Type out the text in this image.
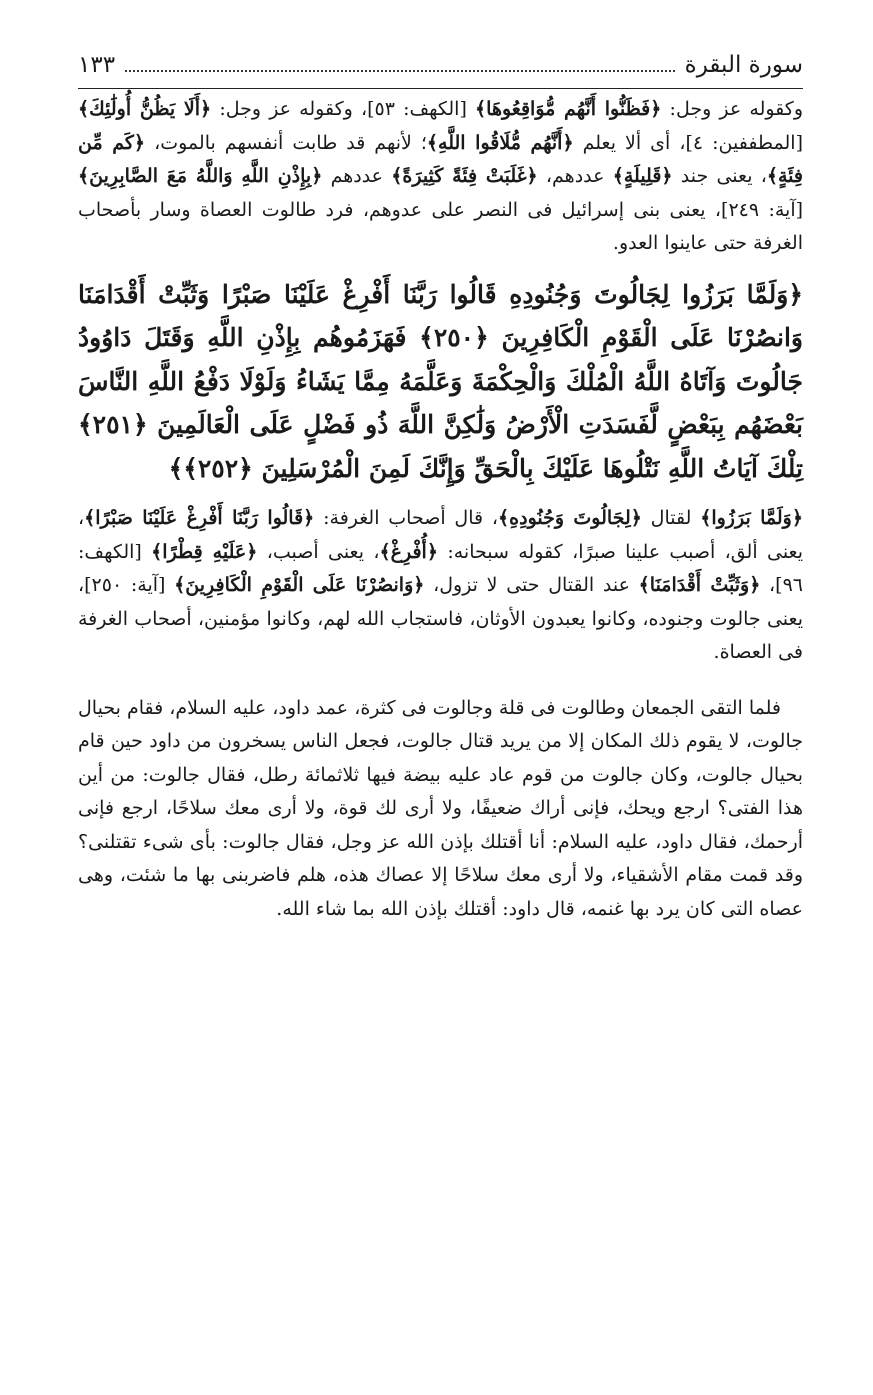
سورة البقرة
١٣٣

وكقوله عز وجل: ﴿فَظَنُّوا أَنَّهُم مُّوَاقِعُوهَا﴾ [الكهف: ٥٣]، وكقوله عز وجل: ﴿أَلَا يَظُنُّ أُولَٰئِكَ﴾ [المطففين: ٤]، أى ألا يعلم ﴿أَنَّهُم مُّلَاقُوا اللَّهِ﴾؛ لأنهم قد طابت أنفسهم بالموت، ﴿كَم مِّن فِئَةٍ﴾، يعنى جند ﴿قَلِيلَةٍ﴾ عددهم، ﴿غَلَبَتْ فِئَةً كَثِيرَةً﴾ عددهم ﴿بِإِذْنِ اللَّهِ وَاللَّهُ مَعَ الصَّابِرِينَ﴾ [آية: ٢٤٩]، يعنى بنى إسرائيل فى النصر على عدوهم، فرد طالوت العصاة وسار بأصحاب الغرفة حتى عاينوا العدو.

﴿وَلَمَّا بَرَزُوا لِجَالُوتَ وَجُنُودِهِ قَالُوا رَبَّنَا أَفْرِغْ عَلَيْنَا صَبْرًا وَثَبِّتْ أَقْدَامَنَا وَانصُرْنَا عَلَى الْقَوْمِ الْكَافِرِينَ ﴿٢٥٠﴾ فَهَزَمُوهُم بِإِذْنِ اللَّهِ وَقَتَلَ دَاوُودُ جَالُوتَ وَآتَاهُ اللَّهُ الْمُلْكَ وَالْحِكْمَةَ وَعَلَّمَهُ مِمَّا يَشَاءُ وَلَوْلَا دَفْعُ اللَّهِ النَّاسَ بَعْضَهُم بِبَعْضٍ لَّفَسَدَتِ الْأَرْضُ وَلَٰكِنَّ اللَّهَ ذُو فَضْلٍ عَلَى الْعَالَمِينَ ﴿٢٥١﴾ تِلْكَ آيَاتُ اللَّهِ نَتْلُوهَا عَلَيْكَ بِالْحَقِّ وَإِنَّكَ لَمِنَ الْمُرْسَلِينَ ﴿٢٥٢﴾﴾

﴿وَلَمَّا بَرَزُوا﴾ لقتال ﴿لِجَالُوتَ وَجُنُودِهِ﴾، قال أصحاب الغرفة: ﴿قَالُوا رَبَّنَا أَفْرِغْ عَلَيْنَا صَبْرًا﴾، يعنى ألق، أصبب علينا صبرًا، كقوله سبحانه: ﴿أُفْرِغْ﴾، يعنى أصبب، ﴿عَلَيْهِ قِطْرًا﴾ [الكهف: ٩٦]، ﴿وَثَبِّتْ أَقْدَامَنَا﴾ عند القتال حتى لا تزول، ﴿وَانصُرْنَا عَلَى الْقَوْمِ الْكَافِرِينَ﴾ [آية: ٢٥٠]، يعنى جالوت وجنوده، وكانوا يعبدون الأوثان، فاستجاب الله لهم، وكانوا مؤمنين، أصحاب الغرفة فى العصاة.

فلما التقى الجمعان وطالوت فى قلة وجالوت فى كثرة، عمد داود، عليه السلام، فقام بحيال جالوت، لا يقوم ذلك المكان إلا من يريد قتال جالوت، فجعل الناس يسخرون من داود حين قام بحيال جالوت، وكان جالوت من قوم عاد عليه بيضة فيها ثلاثمائة رطل، فقال جالوت: من أين هذا الفتى؟ ارجع ويحك، فإنى أراك ضعيفًا، ولا أرى لك قوة، ولا أرى معك سلاحًا، ارجع فإنى أرحمك، فقال داود، عليه السلام: أنا أقتلك بإذن الله عز وجل، فقال جالوت: بأى شىء تقتلنى؟ وقد قمت مقام الأشقياء، ولا أرى معك سلاحًا إلا عصاك هذه، هلم فاضربنى بها ما شئت، وهى عصاه التى كان يرد بها غنمه، قال داود: أقتلك بإذن الله بما شاء الله.
